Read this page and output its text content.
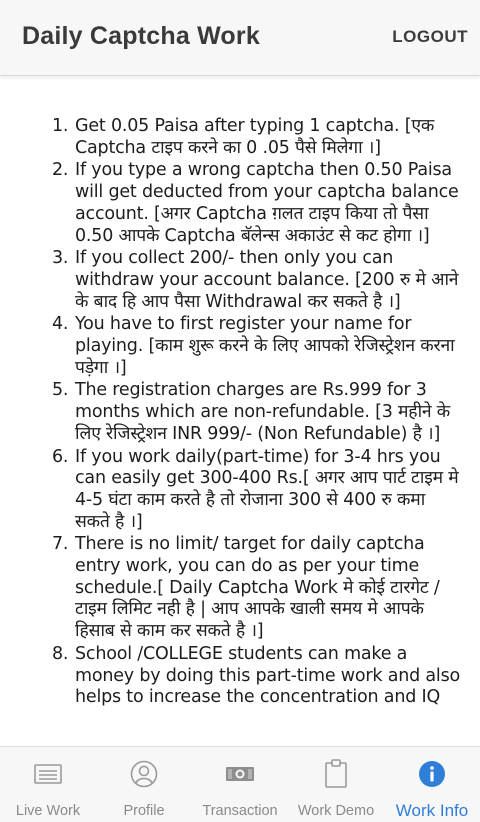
Daily Captcha Work	LOGOUT
1. Get 0.05 Paisa after typing 1 captcha. [एक Captcha टाइप करने का 0 .05 पैसे मिलेगा ।]
2. If you type a wrong captcha then 0.50 Paisa will get deducted from your captcha balance account. [अगर Captcha ग़लत टाइप किया तो पैसा 0.50 आपके Captcha बॅलेन्स अकाउंट से कट होगा ।]
3. If you collect 200/- then only you can withdraw your account balance. [200 रु मे आने के बाद हि आप पैसा Withdrawal कर सकते है ।]
4. You have to first register your name for playing. [काम शुरू करने के लिए आपको रेजिस्ट्रेशन करना पड़ेगा ।]
5. The registration charges are Rs.999 for 3 months which are non-refundable. [3 महीने के लिए रेजिस्ट्रेशन INR 999/- (Non Refundable) है ।]
6. If you work daily(part-time) for 3-4 hrs you can easily get 300-400 Rs.[ अगर आप पार्ट टाइम मे 4-5 घंटा काम करते है तो रोजाना 300 से 400 रु कमा सकते है ।]
7. There is no limit/ target for daily captcha entry work, you can do as per your time schedule.[ Daily Captcha Work मे कोई टारगेट / टाइम लिमिट नही है | आप आपके खाली समय मे आपके हिसाब से काम कर सकते है ।]
8. School /COLLEGE students can make a money by doing this part-time work and also helps to increase the concentration and IQ
Live Work	Profile	Transaction Work Demo Work Info
